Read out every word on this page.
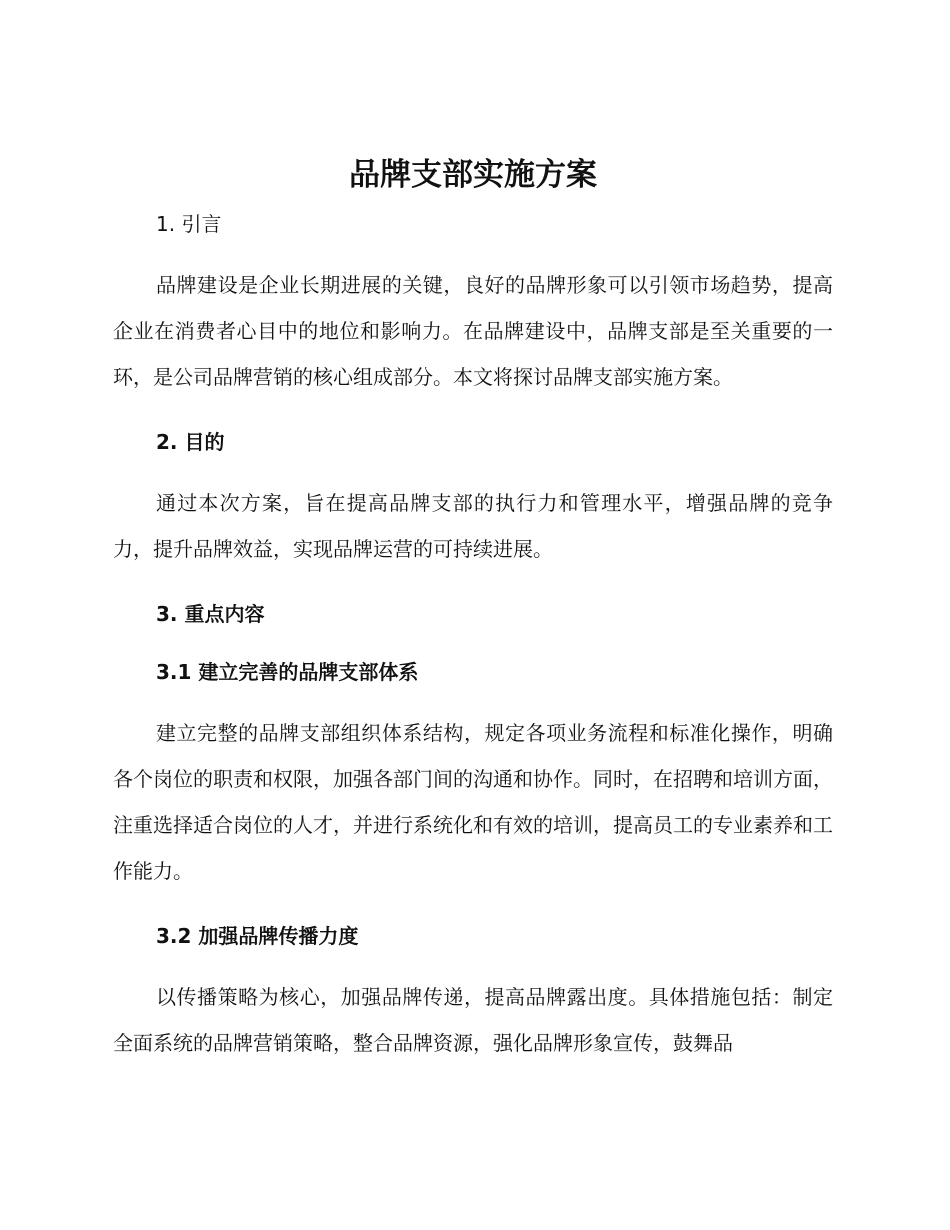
品牌支部实施方案
1. 引言

品牌建设是企业长期进展的关键，良好的品牌形象可以引领市场趋势，提高企业在消费者心目中的地位和影响力。在品牌建设中，品牌支部是至关重要的一环，是公司品牌营销的核心组成部分。本文将探讨品牌支部实施方案。

2. 目的

通过本次方案，旨在提高品牌支部的执行力和管理水平，增强品牌的竞争力，提升品牌效益，实现品牌运营的可持续进展。

3. 重点内容
3.1 建立完善的品牌支部体系

建立完整的品牌支部组织体系结构，规定各项业务流程和标准化操作，明确各个岗位的职责和权限，加强各部门间的沟通和协作。同时，在招聘和培训方面，注重选择适合岗位的人才，并进行系统化和有效的培训，提高员工的专业素养和工作能力。

3.2 加强品牌传播力度

以传播策略为核心，加强品牌传递，提高品牌露出度。具体措施包括：制定全面系统的品牌营销策略，整合品牌资源，强化品牌形象宣传，鼓舞品
